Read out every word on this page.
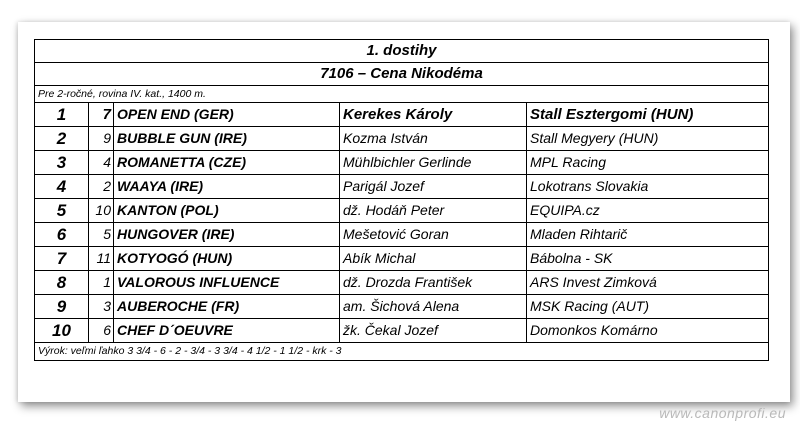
1. dostihy
7106 – Cena Nikodéma
Pre 2-ročné, rovina IV. kat., 1400 m.
1	7 OPEN END (GER)	Kerekes Károly	Stall Esztergomi (HUN)
2	9 BUBBLE GUN (IRE)	Kozma István	Stall Megyery (HUN)
3	4 ROMANETTA (CZE)	Mühlbichler Gerlinde	MPL Racing
4	2 WAAYA (IRE)	Parigál Jozef	Lokotrans Slovakia
5	10 KANTON (POL)	dž. Hodáň Peter	EQUIPA.cz
6	5 HUNGOVER (IRE)	Mešetović Goran	Mladen Rihtarič
7	11 KOTYOGÓ (HUN)	Abík Michal	Bábolna - SK
8	1 VALOROUS INFLUENCE	dž. Drozda František	ARS Invest Zimková
9	3 AUBEROCHE (FR)	am. Šichová Alena	MSK Racing (AUT)
10	6 CHEF D´OEUVRE	žk. Čekal Jozef	Domonkos Komárno
Výrok: veľmi ľahko 3 3/4 - 6 - 2 - 3/4 - 3 3/4 - 4 1/2 - 1 1/2 - krk - 3
www.canonprofi.eu
